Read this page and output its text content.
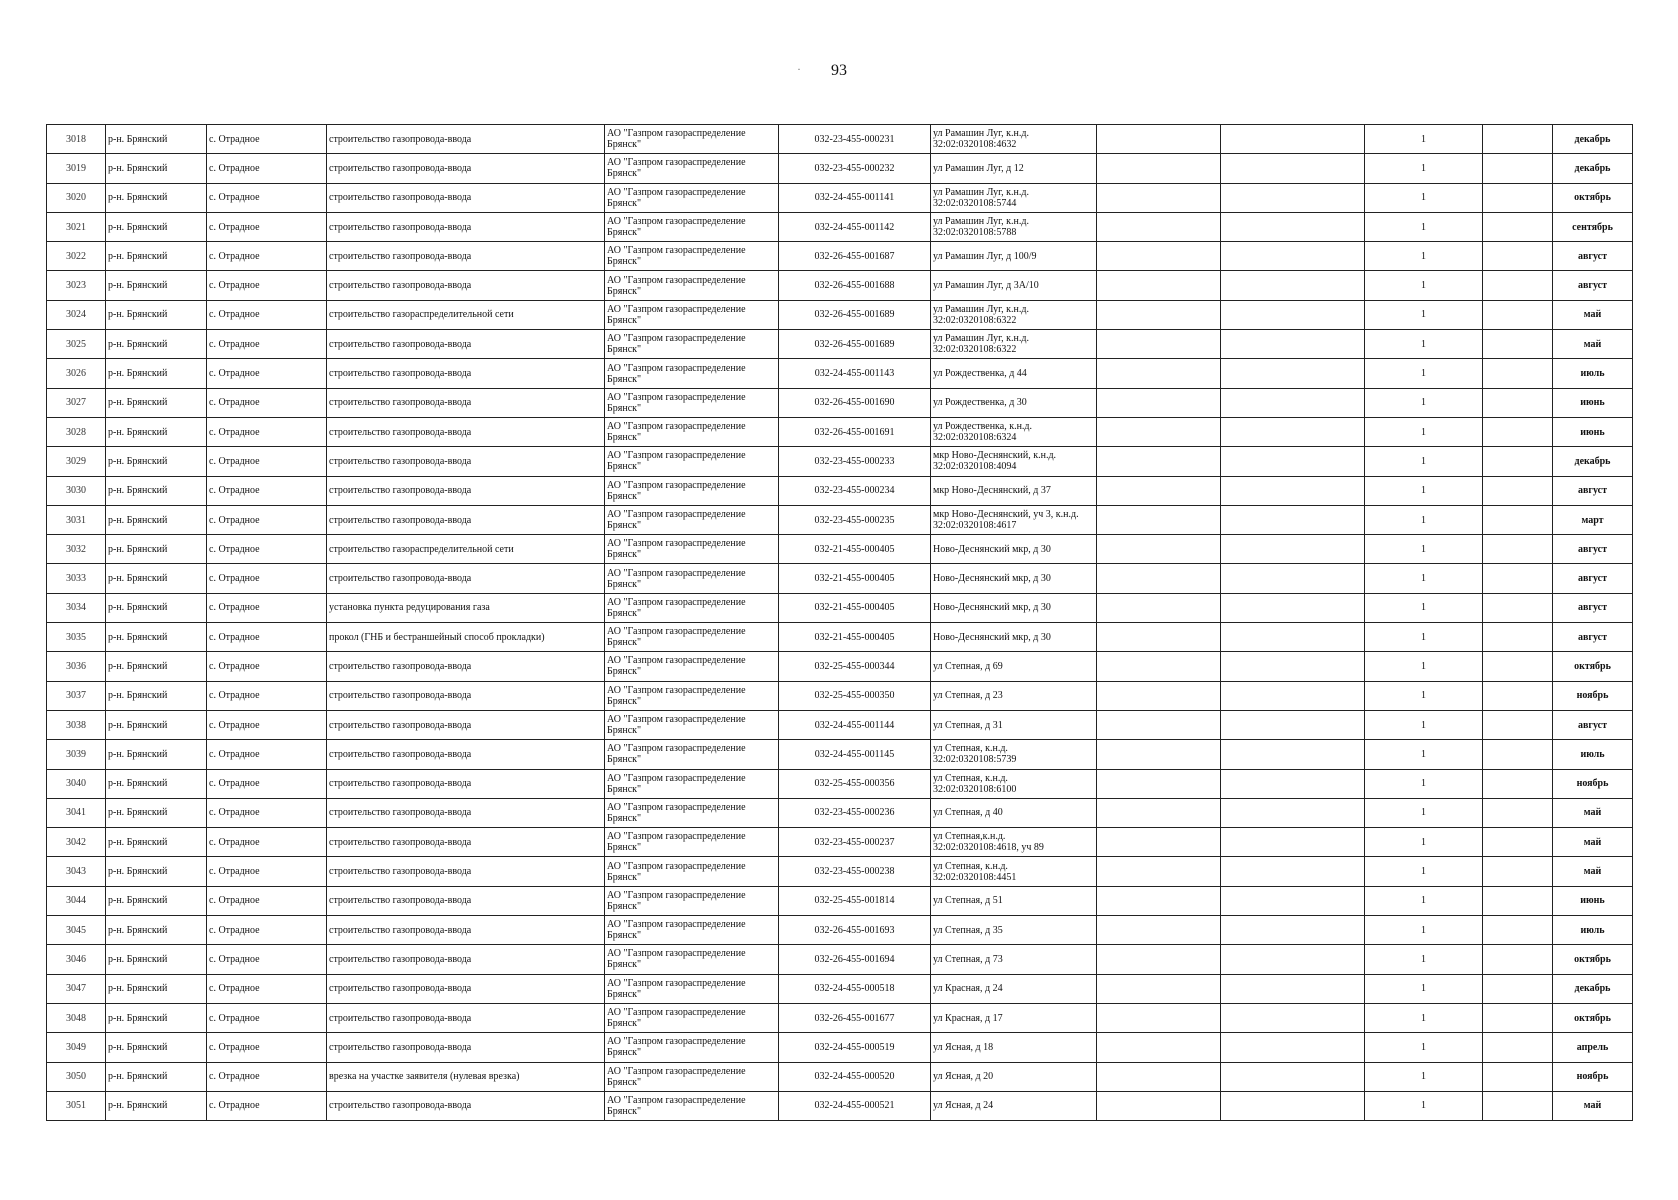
· 93
3018	р-н. Брянский	с. Отрадное	строительство газопровода-ввода	АО "Газпром газораспределение
Брянск"	032-23-455-000231	ул Рамашин Луг, к.н.д.
32:02:0320108:4632			1		декабрь	
3019	р-н. Брянский	с. Отрадное	строительство газопровода-ввода	АО "Газпром газораспределение
Брянск"	032-23-455-000232	ул Рамашин Луг, д 12			1		декабрь	
3020	р-н. Брянский	с. Отрадное	строительство газопровода-ввода	АО "Газпром газораспределение
Брянск"	032-24-455-001141	ул Рамашин Луг, к.н.д.
32:02:0320108:5744			1		октябрь	
3021	р-н. Брянский	с. Отрадное	строительство газопровода-ввода	АО "Газпром газораспределение
Брянск"	032-24-455-001142	ул Рамашин Луг, к.н.д.
32:02:0320108:5788			1		сентябрь	
3022	р-н. Брянский	с. Отрадное	строительство газопровода-ввода	АО "Газпром газораспределение
Брянск"	032-26-455-001687	ул Рамашин Луг, д 100/9			1		август	
3023	р-н. Брянский	с. Отрадное	строительство газопровода-ввода	АО "Газпром газораспределение
Брянск"	032-26-455-001688	ул Рамашин Луг, д 3А/10			1		август	
3024	р-н. Брянский	с. Отрадное	строительство газораспределительной сети	АО "Газпром газораспределение
Брянск"	032-26-455-001689	ул Рамашин Луг, к.н.д.
32:02:0320108:6322			1		май	
3025	р-н. Брянский	с. Отрадное	строительство газопровода-ввода	АО "Газпром газораспределение
Брянск"	032-26-455-001689	ул Рамашин Луг, к.н.д.
32:02:0320108:6322			1		май	
3026	р-н. Брянский	с. Отрадное	строительство газопровода-ввода	АО "Газпром газораспределение
Брянск"	032-24-455-001143	ул Рождественка, д 44			1		июль	
3027	р-н. Брянский	с. Отрадное	строительство газопровода-ввода	АО "Газпром газораспределение
Брянск"	032-26-455-001690	ул Рождественка, д 30			1		июнь	
3028	р-н. Брянский	с. Отрадное	строительство газопровода-ввода	АО "Газпром газораспределение
Брянск"	032-26-455-001691	ул Рождественка, к.н.д.
32:02:0320108:6324			1		июнь	
3029	р-н. Брянский	с. Отрадное	строительство газопровода-ввода	АО "Газпром газораспределение
Брянск"	032-23-455-000233	мкр Ново-Деснянский, к.н.д.
32:02:0320108:4094			1		декабрь	
3030	р-н. Брянский	с. Отрадное	строительство газопровода-ввода	АО "Газпром газораспределение
Брянск"	032-23-455-000234	мкр Ново-Деснянский, д 37			1		август	
3031	р-н. Брянский	с. Отрадное	строительство газопровода-ввода	АО "Газпром газораспределение
Брянск"	032-23-455-000235	мкр Ново-Деснянский, уч 3, к.н.д.
32:02:0320108:4617			1		март	
3032	р-н. Брянский	с. Отрадное	строительство газораспределительной сети	АО "Газпром газораспределение
Брянск"	032-21-455-000405	Ново-Деснянский мкр, д 30			1		август	
3033	р-н. Брянский	с. Отрадное	строительство газопровода-ввода	АО "Газпром газораспределение
Брянск"	032-21-455-000405	Ново-Деснянский мкр, д 30			1		август	
3034	р-н. Брянский	с. Отрадное	установка пункта редуцирования газа	АО "Газпром газораспределение
Брянск"	032-21-455-000405	Ново-Деснянский мкр, д 30			1		август	
3035	р-н. Брянский	с. Отрадное	прокол (ГНБ и бестраншейный способ прокладки)	АО "Газпром газораспределение
Брянск"	032-21-455-000405	Ново-Деснянский мкр, д 30			1		август	
3036	р-н. Брянский	с. Отрадное	строительство газопровода-ввода	АО "Газпром газораспределение
Брянск"	032-25-455-000344	ул Степная, д 69			1		октябрь	
3037	р-н. Брянский	с. Отрадное	строительство газопровода-ввода	АО "Газпром газораспределение
Брянск"	032-25-455-000350	ул Степная, д 23			1		ноябрь	
3038	р-н. Брянский	с. Отрадное	строительство газопровода-ввода	АО "Газпром газораспределение
Брянск"	032-24-455-001144	ул Степная, д 31			1		август	
3039	р-н. Брянский	с. Отрадное	строительство газопровода-ввода	АО "Газпром газораспределение
Брянск"	032-24-455-001145	ул Степная, к.н.д.
32:02:0320108:5739			1		июль	
3040	р-н. Брянский	с. Отрадное	строительство газопровода-ввода	АО "Газпром газораспределение
Брянск"	032-25-455-000356	ул Степная, к.н.д.
32:02:0320108:6100			1		ноябрь	
3041	р-н. Брянский	с. Отрадное	строительство газопровода-ввода	АО "Газпром газораспределение
Брянск"	032-23-455-000236	ул Степная, д 40			1		май	
3042	р-н. Брянский	с. Отрадное	строительство газопровода-ввода	АО "Газпром газораспределение
Брянск"	032-23-455-000237	ул Степная,к.н.д.
32:02:0320108:4618, уч 89			1		май	
3043	р-н. Брянский	с. Отрадное	строительство газопровода-ввода	АО "Газпром газораспределение
Брянск"	032-23-455-000238	ул Степная, к.н.д.
32:02:0320108:4451			1		май	
3044	р-н. Брянский	с. Отрадное	строительство газопровода-ввода	АО "Газпром газораспределение
Брянск"	032-25-455-001814	ул Степная, д 51			1		июнь	
3045	р-н. Брянский	с. Отрадное	строительство газопровода-ввода	АО "Газпром газораспределение
Брянск"	032-26-455-001693	ул Степная, д 35			1		июль	
3046	р-н. Брянский	с. Отрадное	строительство газопровода-ввода	АО "Газпром газораспределение
Брянск"	032-26-455-001694	ул Степная, д 73			1		октябрь	
3047	р-н. Брянский	с. Отрадное	строительство газопровода-ввода	АО "Газпром газораспределение
Брянск"	032-24-455-000518	ул Красная, д 24			1		декабрь	
3048	р-н. Брянский	с. Отрадное	строительство газопровода-ввода	АО "Газпром газораспределение
Брянск"	032-26-455-001677	ул Красная, д 17			1		октябрь	
3049	р-н. Брянский	с. Отрадное	строительство газопровода-ввода	АО "Газпром газораспределение
Брянск"	032-24-455-000519	ул Ясная, д 18			1		апрель	
3050	р-н. Брянский	с. Отрадное	врезка на участке заявителя (нулевая врезка)	АО "Газпром газораспределение
Брянск"	032-24-455-000520	ул Ясная, д 20			1		ноябрь	
3051	р-н. Брянский	с. Отрадное	строительство газопровода-ввода	АО "Газпром газораспределение
Брянск"	032-24-455-000521	ул Ясная, д 24			1		май	
